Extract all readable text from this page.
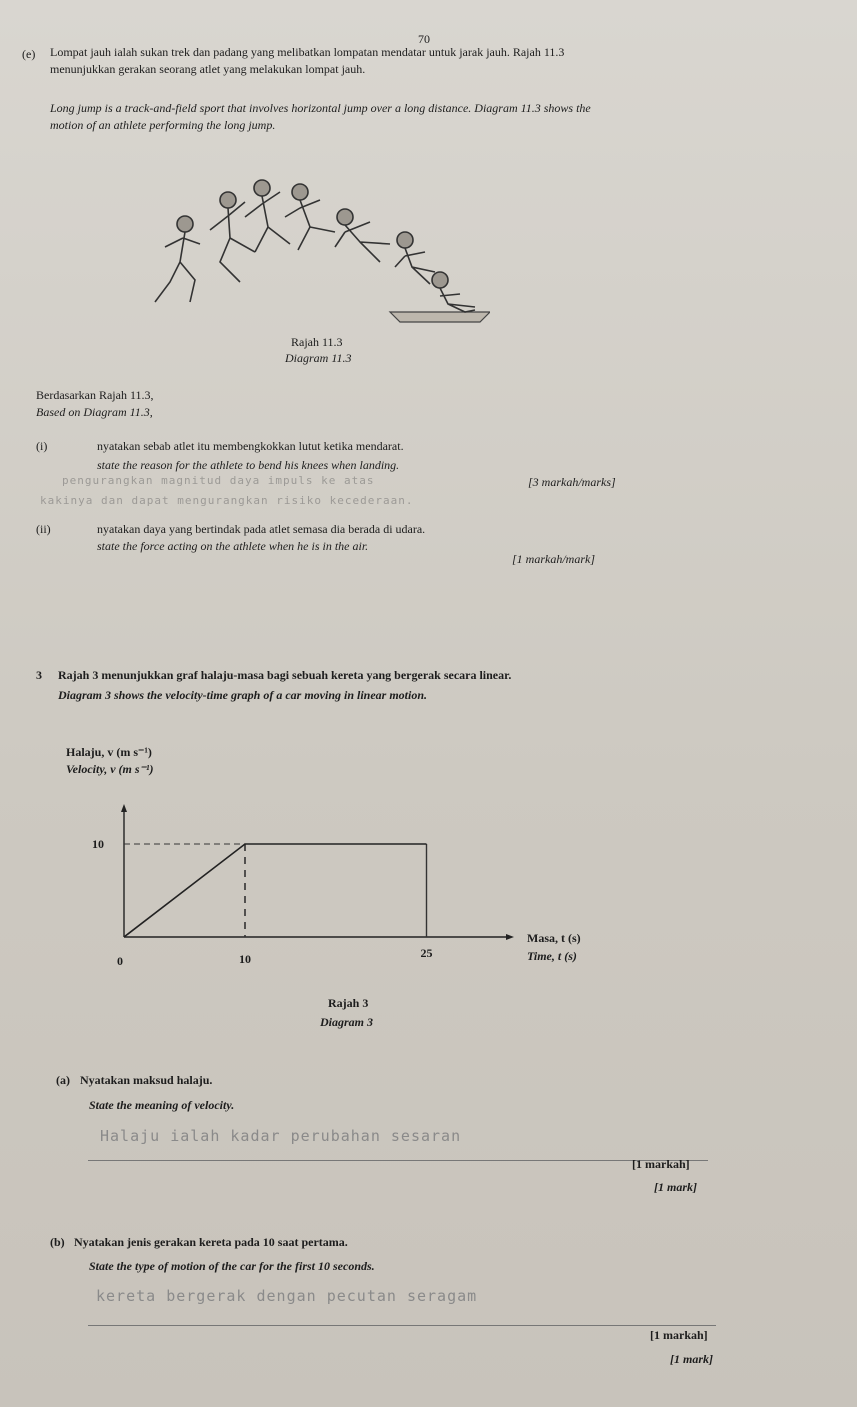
70
(e) Lompat jauh ialah sukan trek dan padang yang melibatkan lompatan mendatar untuk jarak jauh. Rajah 11.3 menunjukkan gerakan seorang atlet yang melakukan lompat jauh.
Long jump is a track-and-field sport that involves horizontal jump over a long distance. Diagram 11.3 shows the motion of an athlete performing the long jump.
Rajah 11.3
Diagram 11.3
Berdasarkan Rajah 11.3,
Based on Diagram 11.3,
(i)	nyatakan sebab atlet itu membengkokkan lutut ketika mendarat.
state the reason for the athlete to bend his knees when landing.
pengurangkan magnitud daya impuls ke atas	[3 markah/marks]
kakinya dan dapat mengurangkan risiko kecederaan.
(ii)	nyatakan daya yang bertindak pada atlet semasa dia berada di udara.
state the force acting on the athlete when he is in the air.
[1 markah/mark]
3 Rajah 3 menunjukkan graf halaju-masa bagi sebuah kereta yang bergerak secara linear.
Diagram 3 shows the velocity-time graph of a car moving in linear motion.
Halaju, v (m s⁻¹)
Velocity, v (m s⁻¹)
0	10	25
10
Masa, t (s)
Time, t (s)
Rajah 3
Diagram 3
(a) Nyatakan maksud halaju.
State the meaning of velocity.
Halaju ialah kadar perubahan sesaran
[1 markah]
[1 mark]
(b) Nyatakan jenis gerakan kereta pada 10 saat pertama.
State the type of motion of the car for the first 10 seconds.
kereta bergerak dengan pecutan seragam
[1 markah]
[1 mark]
